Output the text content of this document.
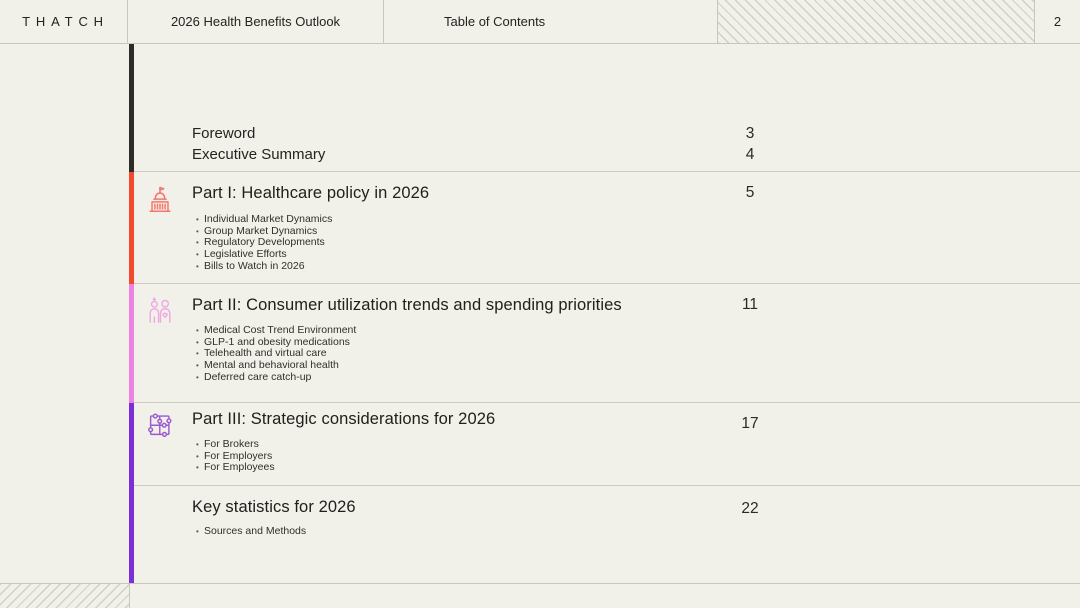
THATCH	2026 Health Benefits Outlook	Table of Contents	2
Foreword	3
Executive Summary	4
Part I: Healthcare policy in 2026	5
• Individual Market Dynamics
• Group Market Dynamics
• Regulatory Developments
• Legislative Efforts
• Bills to Watch in 2026
Part II: Consumer utilization trends and spending priorities	11
• Medical Cost Trend Environment
• GLP-1 and obesity medications
• Telehealth and virtual care
• Mental and behavioral health
• Deferred care catch-up
Part III: Strategic considerations for 2026	17
• For Brokers
• For Employers
• For Employees
Key statistics for 2026	22
• Sources and Methods
